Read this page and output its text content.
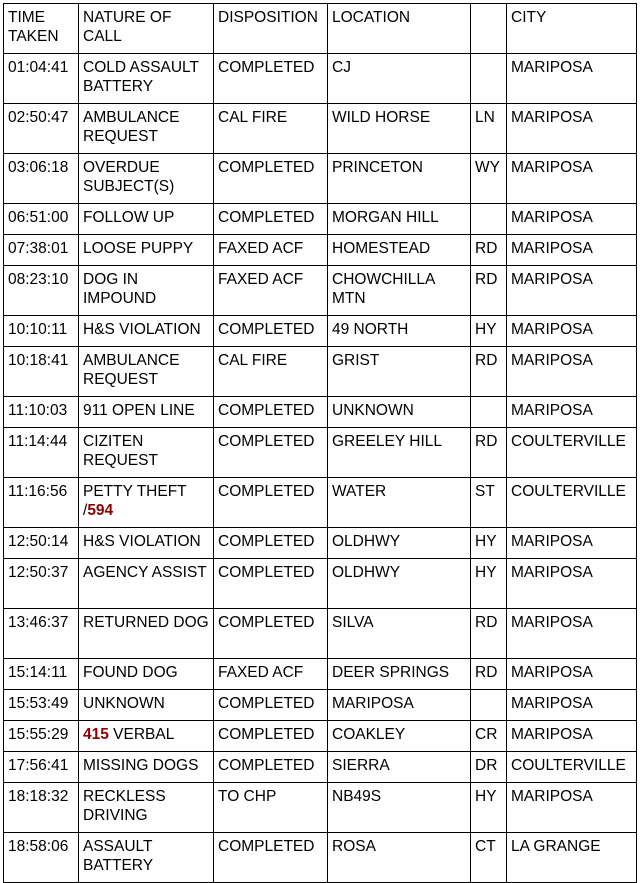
TIME TAKEN	NATURE OF CALL	DISPOSITION	LOCATION		CITY
01:04:41	COLD ASSAULT BATTERY	COMPLETED	CJ		MARIPOSA
02:50:47	AMBULANCE REQUEST	CAL FIRE	WILD HORSE	LN	MARIPOSA
03:06:18	OVERDUE SUBJECT(S)	COMPLETED	PRINCETON	WY	MARIPOSA
06:51:00	FOLLOW UP	COMPLETED	MORGAN HILL		MARIPOSA
07:38:01	LOOSE PUPPY	FAXED ACF	HOMESTEAD	RD	MARIPOSA
08:23:10	DOG IN IMPOUND	FAXED ACF	CHOWCHILLA MTN	RD	MARIPOSA
10:10:11	H&S VIOLATION	COMPLETED	49 NORTH	HY	MARIPOSA
10:18:41	AMBULANCE REQUEST	CAL FIRE	GRIST	RD	MARIPOSA
11:10:03	911 OPEN LINE	COMPLETED	UNKNOWN		MARIPOSA
11:14:44	CIZITEN REQUEST	COMPLETED	GREELEY HILL	RD	COULTERVILLE
11:16:56	PETTY THEFT /594	COMPLETED	WATER	ST	COULTERVILLE
12:50:14	H&S VIOLATION	COMPLETED	OLDHWY	HY	MARIPOSA
12:50:37	AGENCY ASSIST	COMPLETED	OLDHWY	HY	MARIPOSA
13:46:37	RETURNED DOG	COMPLETED	SILVA	RD	MARIPOSA
15:14:11	FOUND DOG	FAXED ACF	DEER SPRINGS	RD	MARIPOSA
15:53:49	UNKNOWN	COMPLETED	MARIPOSA		MARIPOSA
15:55:29	415 VERBAL	COMPLETED	COAKLEY	CR	MARIPOSA
17:56:41	MISSING DOGS	COMPLETED	SIERRA	DR	COULTERVILLE
18:18:32	RECKLESS DRIVING	TO CHP	NB49S	HY	MARIPOSA
18:58:06	ASSAULT BATTERY	COMPLETED	ROSA	CT	LA GRANGE
